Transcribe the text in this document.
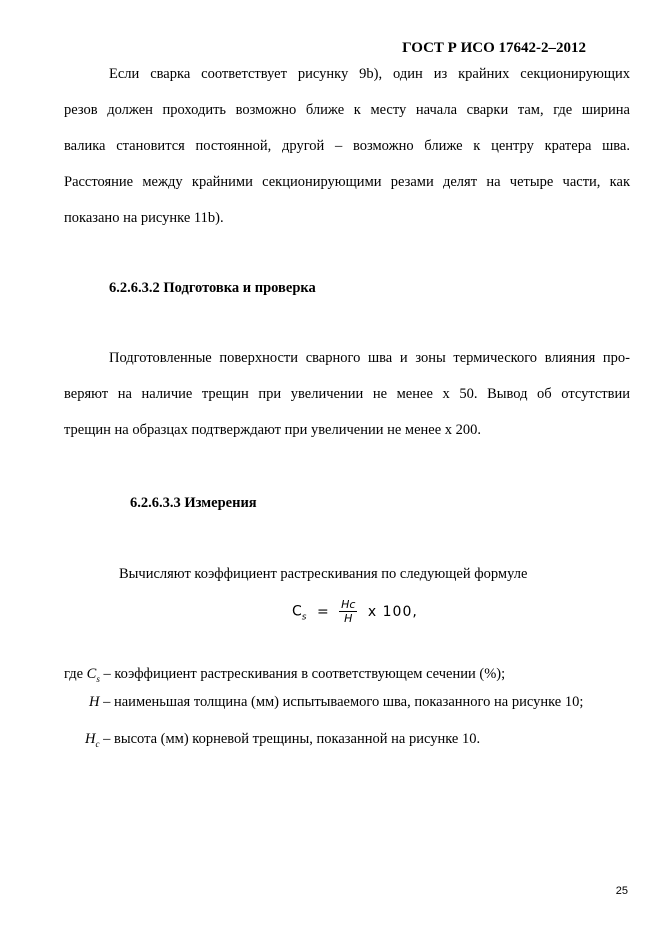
ГОСТ Р ИСО 17642-2–2012
Если сварка соответствует рисунку 9b), один из крайних секционирующих
резов должен проходить возможно ближе к месту начала сварки там, где ширина
валика становится постоянной, другой – возможно ближе к центру кратера шва.
Расстояние между крайними секционирующими резами делят на четыре части, как
показано на рисунке 11b).
6.2.6.3.2 Подготовка и проверка
Подготовленные поверхности сварного шва и зоны термического влияния про-
веряют на наличие трещин при увеличении не менее х 50. Вывод об отсутствии
трещин на образцах подтверждают при увеличении не менее х 200.
6.2.6.3.3 Измерения
Вычисляют коэффициент растрескивания по следующей формуле
$C_s = \frac{Hc}{H}$ x 100,
где $C_s$ – коэффициент растрескивания в соответствующем сечении (%);
H – наименьшая толщина (мм) испытываемого шва, показанного на рисунке 10;
$H_c$ – высота (мм) корневой трещины, показанной на рисунке 10.
25
